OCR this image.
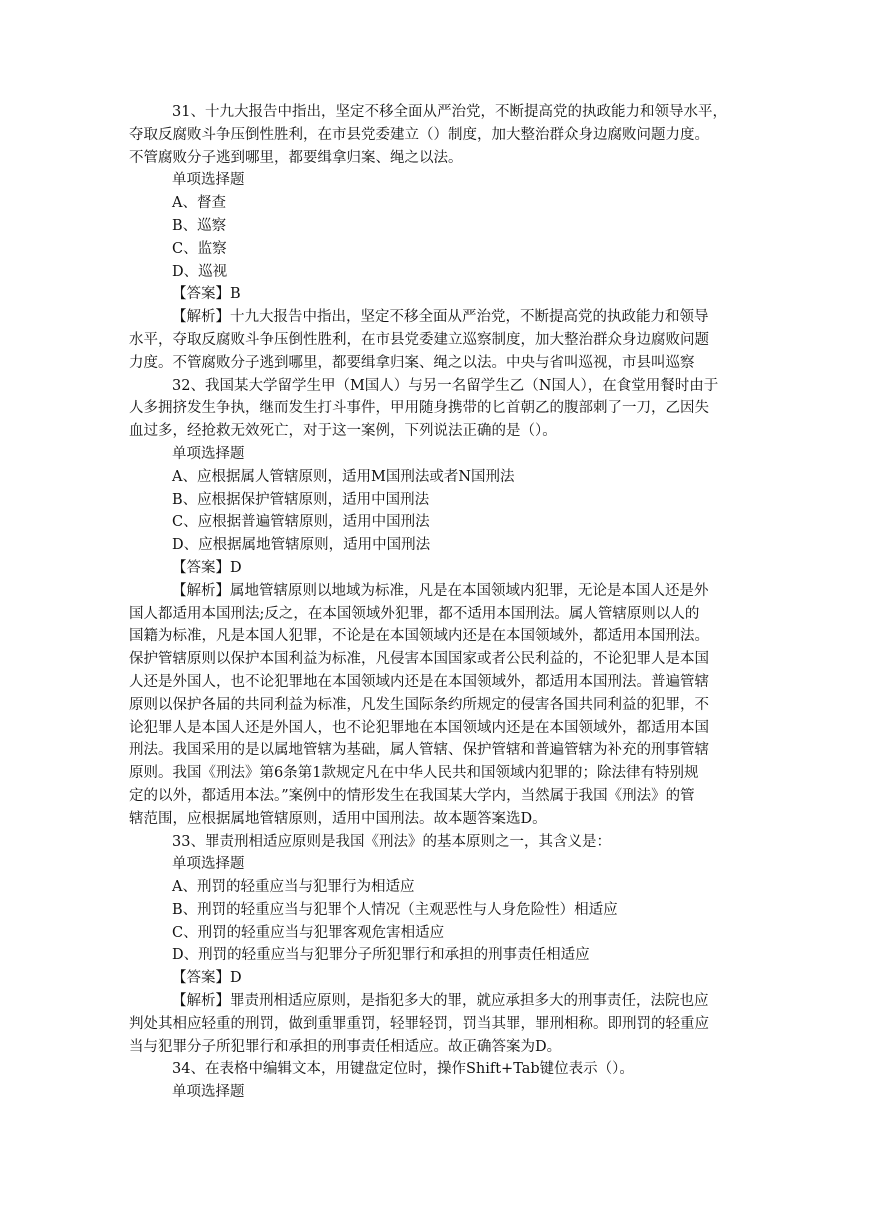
31、十九大报告中指出，坚定不移全面从严治党，不断提高党的执政能力和领导水平，
夺取反腐败斗争压倒性胜利，在市县党委建立（）制度，加大整治群众身边腐败问题力度。
不管腐败分子逃到哪里，都要缉拿归案、绳之以法。
单项选择题
A、督查
B、巡察
C、监察
D、巡视
【答案】B
【解析】十九大报告中指出，坚定不移全面从严治党，不断提高党的执政能力和领导
水平，夺取反腐败斗争压倒性胜利，在市县党委建立巡察制度，加大整治群众身边腐败问题
力度。不管腐败分子逃到哪里，都要缉拿归案、绳之以法。中央与省叫巡视，市县叫巡察
32、我国某大学留学生甲（M国人）与另一名留学生乙（N国人），在食堂用餐时由于
人多拥挤发生争执，继而发生打斗事件，甲用随身携带的匕首朝乙的腹部刺了一刀，乙因失
血过多，经抢救无效死亡，对于这一案例，下列说法正确的是（）。
单项选择题
A、应根据属人管辖原则，适用M国刑法或者N国刑法
B、应根据保护管辖原则，适用中国刑法
C、应根据普遍管辖原则，适用中国刑法
D、应根据属地管辖原则，适用中国刑法
【答案】D
【解析】属地管辖原则以地域为标准，凡是在本国领域内犯罪，无论是本国人还是外
国人都适用本国刑法;反之，在本国领域外犯罪，都不适用本国刑法。属人管辖原则以人的
国籍为标准，凡是本国人犯罪，不论是在本国领域内还是在本国领域外，都适用本国刑法。
保护管辖原则以保护本国利益为标准，凡侵害本国国家或者公民利益的，不论犯罪人是本国
人还是外国人，也不论犯罪地在本国领域内还是在本国领域外，都适用本国刑法。普遍管辖
原则以保护各届的共同利益为标准，凡发生国际条约所规定的侵害各国共同利益的犯罪，不
论犯罪人是本国人还是外国人，也不论犯罪地在本国领域内还是在本国领域外，都适用本国
刑法。我国采用的是以属地管辖为基础，属人管辖、保护管辖和普遍管辖为补充的刑事管辖
原则。我国《刑法》第6条第1款规定凡在中华人民共和国领域内犯罪的；除法律有特别规
定的以外，都适用本法。”案例中的情形发生在我国某大学内，当然属于我国《刑法》的管
辖范围，应根据属地管辖原则，适用中国刑法。故本题答案选D。
33、罪责刑相适应原则是我国《刑法》的基本原则之一，其含义是：
单项选择题
A、刑罚的轻重应当与犯罪行为相适应
B、刑罚的轻重应当与犯罪个人情况（主观恶性与人身危险性）相适应
C、刑罚的轻重应当与犯罪客观危害相适应
D、刑罚的轻重应当与犯罪分子所犯罪行和承担的刑事责任相适应
【答案】D
【解析】罪责刑相适应原则，是指犯多大的罪，就应承担多大的刑事责任，法院也应
判处其相应轻重的刑罚，做到重罪重罚，轻罪轻罚，罚当其罪，罪刑相称。即刑罚的轻重应
当与犯罪分子所犯罪行和承担的刑事责任相适应。故正确答案为D。
34、在表格中编辑文本，用键盘定位时，操作Shift+Tab键位表示（）。
单项选择题
